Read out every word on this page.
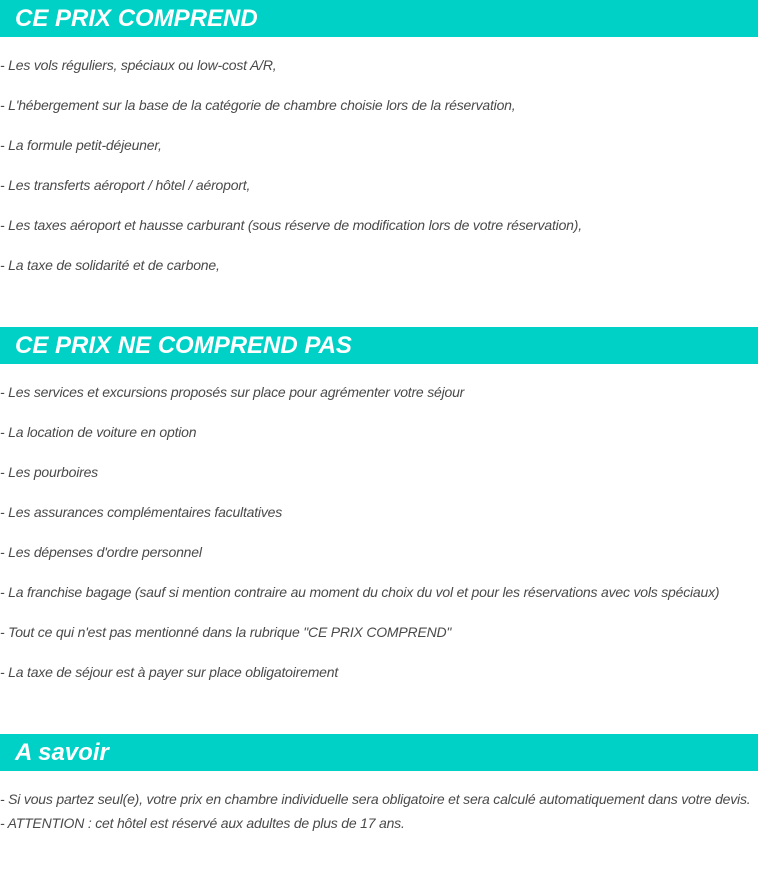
CE PRIX COMPREND
- Les vols réguliers, spéciaux ou low-cost A/R,
- L'hébergement sur la base de la catégorie de chambre choisie lors de la réservation,
- La formule petit-déjeuner,
- Les transferts aéroport / hôtel / aéroport,
- Les taxes aéroport et hausse carburant (sous réserve de modification lors de votre réservation),
- La taxe de solidarité et de carbone,
CE PRIX NE COMPREND PAS
- Les services et excursions proposés sur place pour agrémenter votre séjour
- La location de voiture en option
- Les pourboires
- Les assurances complémentaires facultatives
- Les dépenses d'ordre personnel
- La franchise bagage (sauf si mention contraire au moment du choix du vol et pour les réservations avec vols spéciaux)
- Tout ce qui n'est pas mentionné dans la rubrique "CE PRIX COMPREND"
- La taxe de séjour est à payer sur place obligatoirement
A savoir

- Si vous partez seul(e), votre prix en chambre individuelle sera obligatoire et sera calculé automatiquement dans votre devis.

- ATTENTION : cet hôtel est réservé aux adultes de plus de 17 ans.
